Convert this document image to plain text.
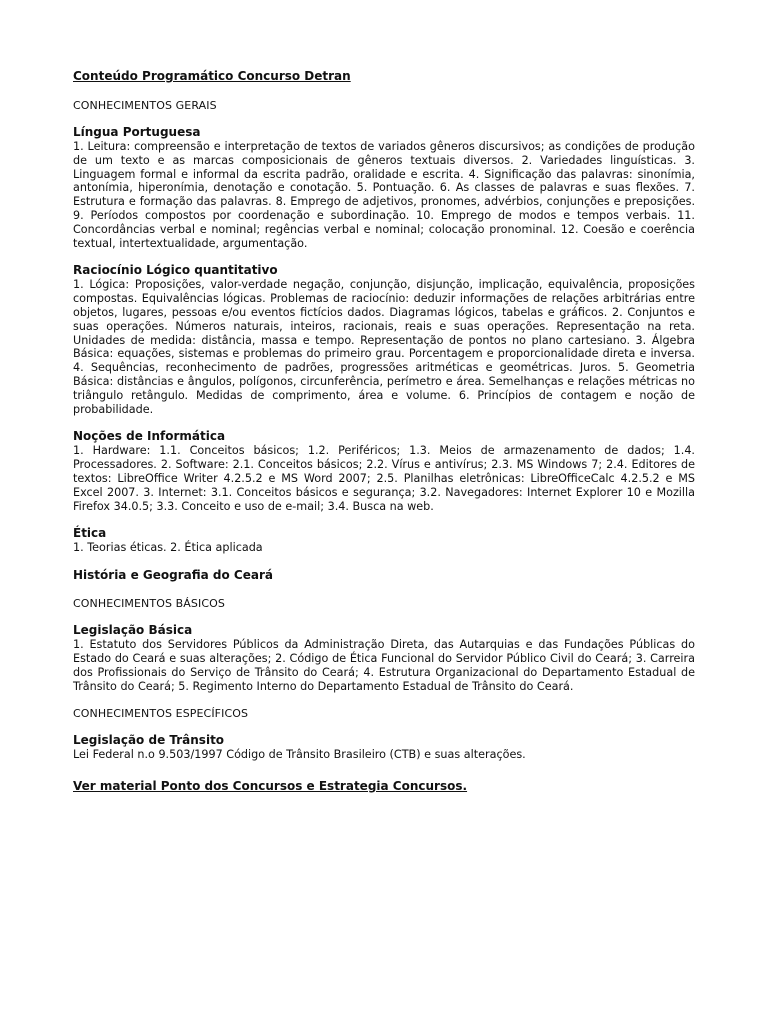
Conteúdo Programático Concurso Detran

CONHECIMENTOS GERAIS

Língua Portuguesa

1. Leitura: compreensão e interpretação de textos de variados gêneros discursivos; as condições de produção de um texto e as marcas composicionais de gêneros textuais diversos. 2. Variedades linguísticas. 3. Linguagem formal e informal da escrita padrão, oralidade e escrita. 4. Significação das palavras: sinonímia, antonímia, hiperonímia, denotação e conotação. 5. Pontuação. 6. As classes de palavras e suas flexões. 7. Estrutura e formação das palavras. 8. Emprego de adjetivos, pronomes, advérbios, conjunções e preposições. 9. Períodos compostos por coordenação e subordinação. 10. Emprego de modos e tempos verbais. 11. Concordâncias verbal e nominal; regências verbal e nominal; colocação pronominal. 12. Coesão e coerência textual, intertextualidade, argumentação.

Raciocínio Lógico quantitativo

1. Lógica: Proposições, valor-verdade negação, conjunção, disjunção, implicação, equivalência, proposições compostas. Equivalências lógicas. Problemas de raciocínio: deduzir informações de relações arbitrárias entre objetos, lugares, pessoas e/ou eventos fictícios dados. Diagramas lógicos, tabelas e gráficos. 2. Conjuntos e suas operações. Números naturais, inteiros, racionais, reais e suas operações. Representação na reta. Unidades de medida: distância, massa e tempo. Representação de pontos no plano cartesiano. 3. Álgebra Básica: equações, sistemas e problemas do primeiro grau. Porcentagem e proporcionalidade direta e inversa. 4. Sequências, reconhecimento de padrões, progressões aritméticas e geométricas. Juros. 5. Geometria Básica: distâncias e ângulos, polígonos, circunferência, perímetro e área. Semelhanças e relações métricas no triângulo retângulo. Medidas de comprimento, área e volume. 6. Princípios de contagem e noção de probabilidade.

Noções de Informática

1. Hardware: 1.1. Conceitos básicos; 1.2. Periféricos; 1.3. Meios de armazenamento de dados; 1.4. Processadores. 2. Software: 2.1. Conceitos básicos; 2.2. Vírus e antivírus; 2.3. MS Windows 7; 2.4. Editores de textos: LibreOffice Writer 4.2.5.2 e MS Word 2007; 2.5. Planilhas eletrônicas: LibreOfficeCalc 4.2.5.2 e MS Excel 2007. 3. Internet: 3.1. Conceitos básicos e segurança; 3.2. Navegadores: Internet Explorer 10 e Mozilla Firefox 34.0.5; 3.3. Conceito e uso de e-mail; 3.4. Busca na web.

Ética

1. Teorias éticas. 2. Ética aplicada

História e Geografia do Ceará

CONHECIMENTOS BÁSICOS

Legislação Básica

1. Estatuto dos Servidores Públicos da Administração Direta, das Autarquias e das Fundações Públicas do Estado do Ceará e suas alterações; 2. Código de Ética Funcional do Servidor Público Civil do Ceará; 3. Carreira dos Profissionais do Serviço de Trânsito do Ceará; 4. Estrutura Organizacional do Departamento Estadual de Trânsito do Ceará; 5. Regimento Interno do Departamento Estadual de Trânsito do Ceará.

CONHECIMENTOS ESPECÍFICOS

Legislação de Trânsito

Lei Federal n.o 9.503/1997 Código de Trânsito Brasileiro (CTB) e suas alterações.

Ver material Ponto dos Concursos e Estrategia Concursos.
